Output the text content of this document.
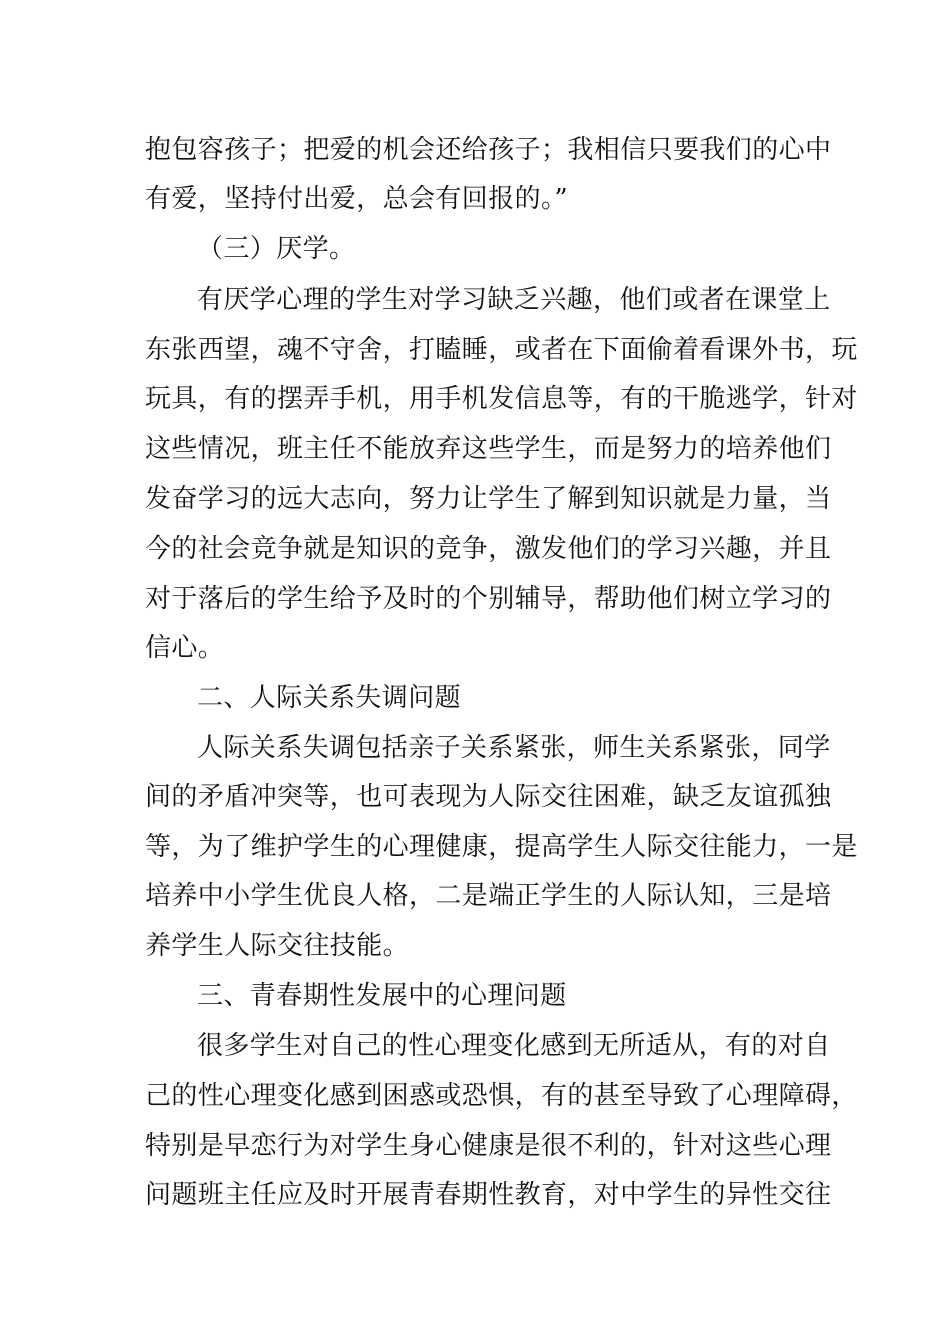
抱包容孩子；把爱的机会还给孩子；我相信只要我们的心中
有爱，坚持付出爱，总会有回报的。”
（三）厌学。
有厌学心理的学生对学习缺乏兴趣，他们或者在课堂上
东张西望，魂不守舍，打瞌睡，或者在下面偷着看课外书，玩
玩具，有的摆弄手机，用手机发信息等，有的干脆逃学，针对
这些情况，班主任不能放弃这些学生，而是努力的培养他们
发奋学习的远大志向，努力让学生了解到知识就是力量，当
今的社会竞争就是知识的竞争，激发他们的学习兴趣，并且
对于落后的学生给予及时的个别辅导，帮助他们树立学习的
信心。
二、人际关系失调问题
人际关系失调包括亲子关系紧张，师生关系紧张，同学
间的矛盾冲突等，也可表现为人际交往困难，缺乏友谊孤独
等，为了维护学生的心理健康，提高学生人际交往能力，一是
培养中小学生优良人格，二是端正学生的人际认知，三是培
养学生人际交往技能。
三、青春期性发展中的心理问题
很多学生对自己的性心理变化感到无所适从，有的对自
己的性心理变化感到困惑或恐惧，有的甚至导致了心理障碍，
特别是早恋行为对学生身心健康是很不利的，针对这些心理
问题班主任应及时开展青春期性教育，对中学生的异性交往
